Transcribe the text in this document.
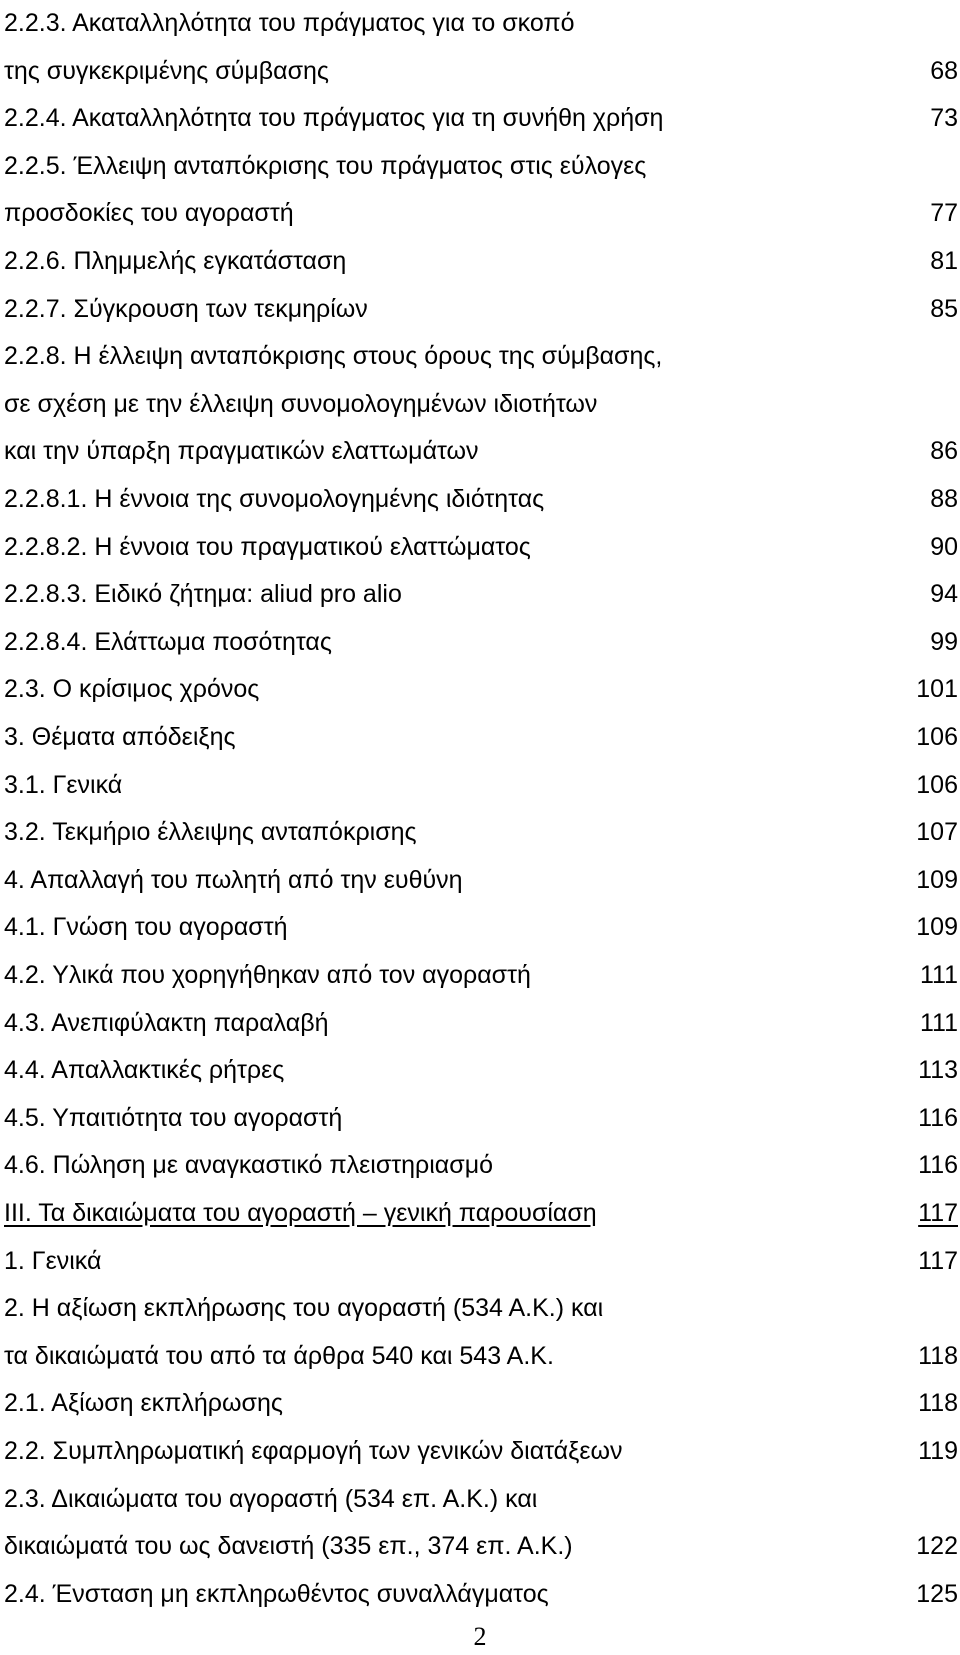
2.2.3. Ακαταλληλότητα του πράγματος για το σκοπό
της συγκεκριμένης σύμβασης	68
2.2.4. Ακαταλληλότητα του πράγματος για τη συνήθη χρήση	73
2.2.5. Έλλειψη ανταπόκρισης του πράγματος στις εύλογες
προσδοκίες του αγοραστή	77
2.2.6. Πλημμελής εγκατάσταση	81
2.2.7. Σύγκρουση των τεκμηρίων	85
2.2.8. Η έλλειψη ανταπόκρισης στους όρους της σύμβασης,
σε σχέση με την έλλειψη συνομολογημένων ιδιοτήτων
και την ύπαρξη πραγματικών ελαττωμάτων	86
2.2.8.1. Η έννοια της συνομολογημένης ιδιότητας	88
2.2.8.2. Η έννοια του πραγματικού ελαττώματος	90
2.2.8.3. Ειδικό ζήτημα: aliud pro alio	94
2.2.8.4. Ελάττωμα ποσότητας	99
2.3. Ο κρίσιμος χρόνος	101
3. Θέματα απόδειξης	106
3.1. Γενικά	106
3.2. Τεκμήριο έλλειψης ανταπόκρισης	107
4. Απαλλαγή του πωλητή από την ευθύνη	109
4.1. Γνώση του αγοραστή	109
4.2. Υλικά που χορηγήθηκαν από τον αγοραστή	111
4.3. Ανεπιφύλακτη παραλαβή	111
4.4. Απαλλακτικές ρήτρες	113
4.5. Υπαιτιότητα του αγοραστή	116
4.6. Πώληση με αναγκαστικό πλειστηριασμό	116
ΙΙΙ. Τα δικαιώματα του αγοραστή – γενική παρουσίαση	117
1. Γενικά	117
2. Η αξίωση εκπλήρωσης του αγοραστή (534 Α.Κ.) και
τα δικαιώματά του από τα άρθρα 540 και 543 Α.Κ.	118
2.1. Αξίωση εκπλήρωσης	118
2.2. Συμπληρωματική εφαρμογή των γενικών διατάξεων	119
2.3. Δικαιώματα του αγοραστή (534 επ. Α.Κ.) και
δικαιώματά του ως δανειστή (335 επ., 374 επ. Α.Κ.)	122
2.4. Ένσταση μη εκπληρωθέντος συναλλάγματος	125
2
